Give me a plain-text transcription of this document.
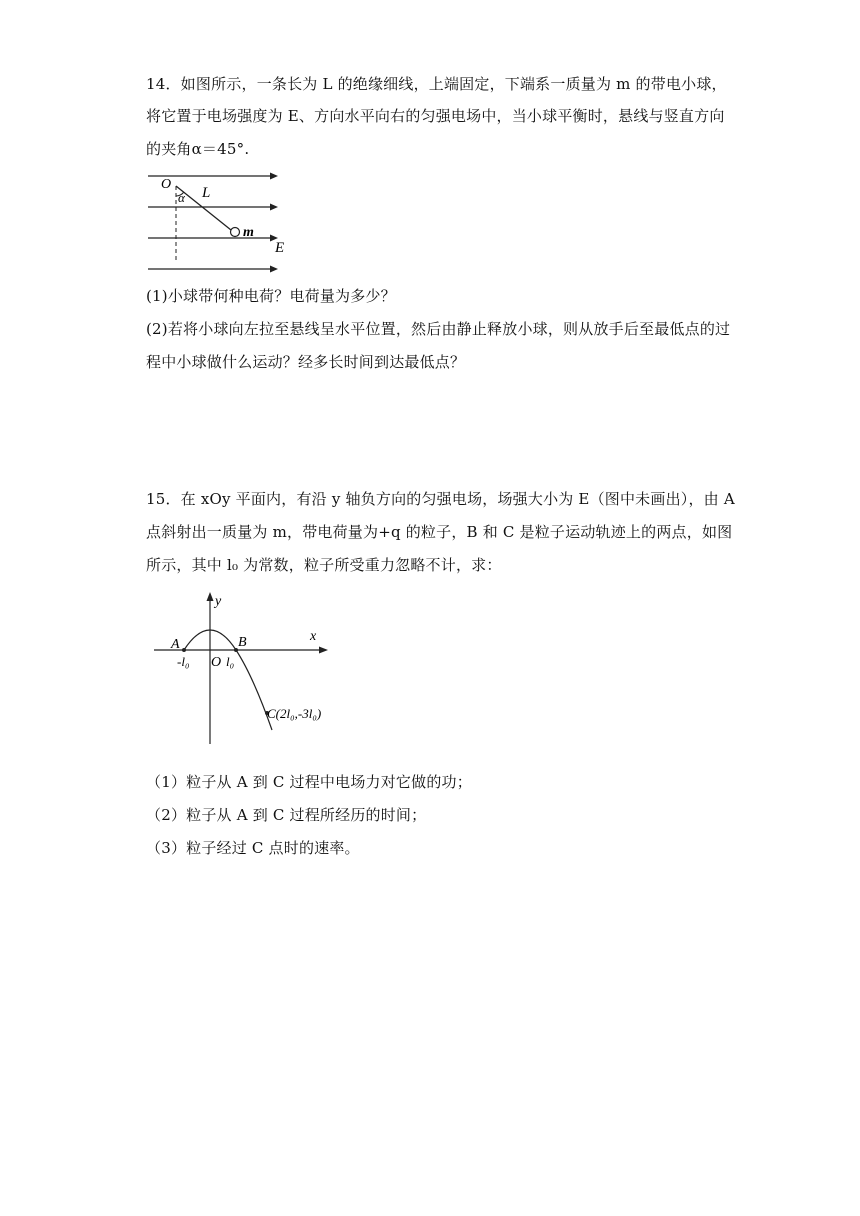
14．如图所示，一条长为 L 的绝缘细线，上端固定，下端系一质量为 m 的带电小球，
将它置于电场强度为 E、方向水平向右的匀强电场中，当小球平衡时，悬线与竖直方向
的夹角α＝45°.
O
α L
m
E
(1)小球带何种电荷？电荷量为多少？
(2)若将小球向左拉至悬线呈水平位置，然后由静止释放小球，则从放手后至最低点的过
程中小球做什么运动？经多长时间到达最低点？
15．在 xOy 平面内，有沿 y 轴负方向的匀强电场，场强大小为 E（图中未画出），由 A
点斜射出一质量为 m，带电荷量为+q 的粒子，B 和 C 是粒子运动轨迹上的两点，如图
所示，其中 l₀ 为常数，粒子所受重力忽略不计，求：
y
x
A	B
-l₀ O l₀
C(2l₀,-3l₀)
（1）粒子从 A 到 C 过程中电场力对它做的功；
（2）粒子从 A 到 C 过程所经历的时间；
（3）粒子经过 C 点时的速率。
